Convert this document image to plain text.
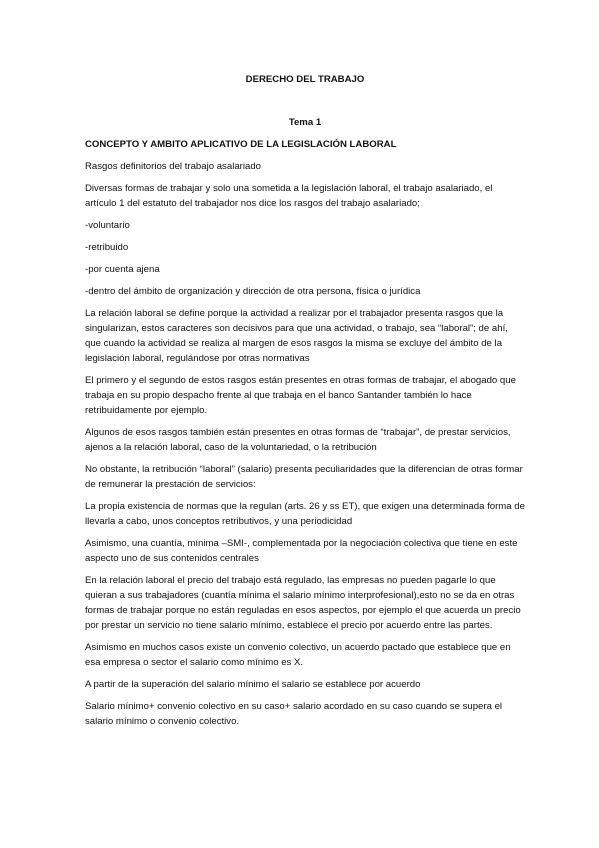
DERECHO DEL TRABAJO
Tema 1
CONCEPTO Y AMBITO APLICATIVO DE LA LEGISLACIÓN LABORAL

Rasgos definitorios del trabajo asalariado

Diversas formas de trabajar y solo una sometida a la legislación laboral, el trabajo asalariado, el artículo 1 del estatuto del trabajador nos dice los rasgos del trabajo asalariado;

-voluntario

-retribuido

-por cuenta ajena

-dentro del ámbito de organización y dirección de otra persona, física o jurídica

La relación laboral se define porque la actividad a realizar por el trabajador presenta rasgos que la singularizan, estos caracteres son decisivos para que una actividad, o trabajo, sea “laboral”; de ahí, que cuando la actividad se realiza al margen de esos rasgos la misma se excluye del ámbito de la legislación laboral, regulándose por otras normativas

El primero y el segundo de estos rasgos están presentes en otras formas de trabajar, el abogado que trabaja en su propio despacho frente al que trabaja en el banco Santander también lo hace retribuidamente por ejemplo.

Algunos de esos rasgos también están presentes en otras formas de “trabajar”, de prestar servicios, ajenos a la relación laboral, caso de la voluntariedad, o la retribución

No obstante, la retribución “laboral” (salario) presenta peculiaridades que la diferencian de otras formar de remunerar la prestación de servicios:

La propia existencia de normas que la regulan (arts. 26 y ss ET), que exigen una determinada forma de llevarla a cabo, unos conceptos retributivos, y una periodicidad

Asimismo, una cuantía, mínima –SMI-, complementada por la negociación colectiva que tiene en este aspecto uno de sus contenidos centrales

En la relación laboral el precio del trabajo está regulado, las empresas no pueden pagarle lo que quieran a sus trabajadores (cuantía mínima el salario mínimo interprofesional),esto no se da en otras formas de trabajar porque no están reguladas en esos aspectos, por ejemplo el que acuerda un precio por prestar un servicio no tiene salario mínimo, establece el precio por acuerdo entre las partes.

Asimismo en muchos casos existe un convenio colectivo, un acuerdo pactado que establece que en esa empresa o sector el salario como mínimo es X.

A partir de la superación del salario mínimo el salario se establece por acuerdo

Salario mínimo+ convenio colectivo en su caso+ salario acordado en su caso cuando se supera el salario mínimo o convenio colectivo.
